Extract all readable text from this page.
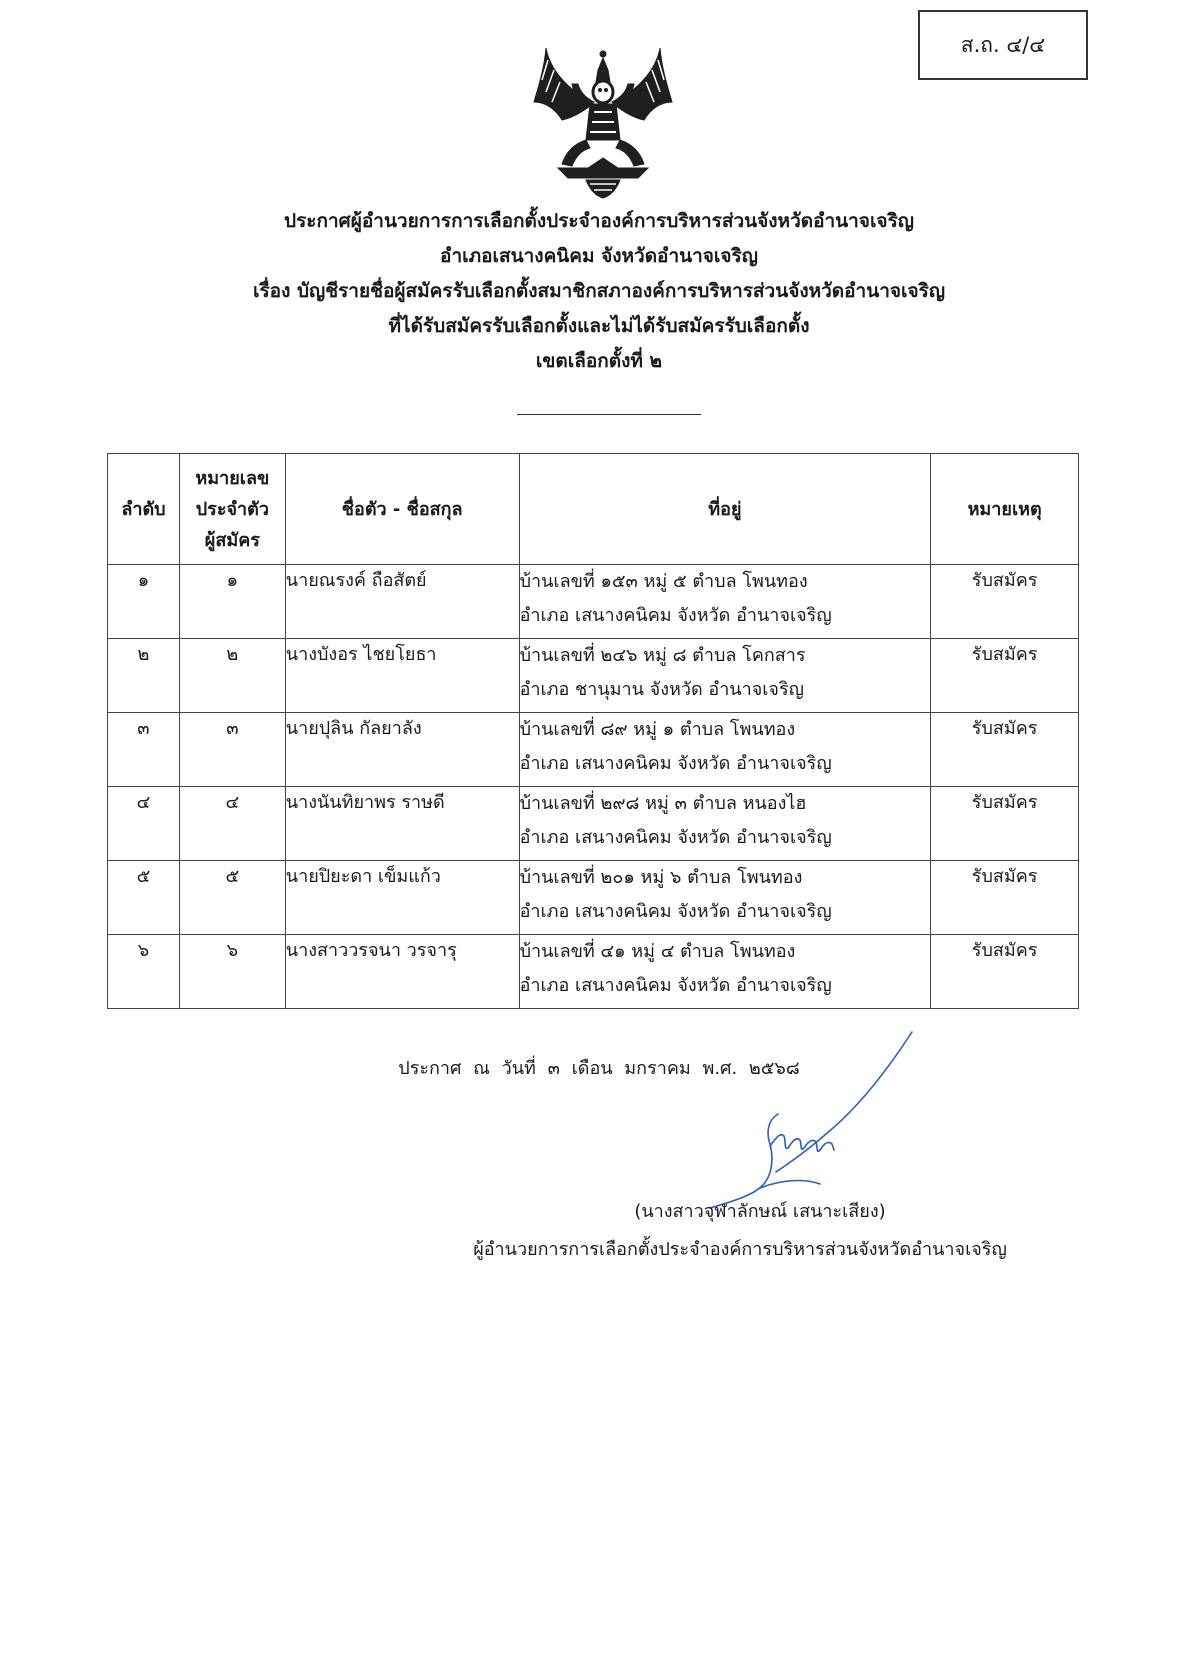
ส.ถ. ๔/๔
ประกาศผู้อำนวยการการเลือกตั้งประจำองค์การบริหารส่วนจังหวัดอำนาจเจริญ
อำเภอเสนางคนิคม จังหวัดอำนาจเจริญ
เรื่อง บัญชีรายชื่อผู้สมัครรับเลือกตั้งสมาชิกสภาองค์การบริหารส่วนจังหวัดอำนาจเจริญ
ที่ได้รับสมัครรับเลือกตั้งและไม่ได้รับสมัครรับเลือกตั้ง
เขตเลือกตั้งที่ ๒
ลำดับ	หมายเลข
ประจำตัว
ผู้สมัคร	ชื่อตัว - ชื่อสกุล	ที่อยู่	หมายเหตุ
๑	๑	นายณรงค์ ถือสัตย์	บ้านเลขที่ ๑๕๓ หมู่ ๕ ตำบล โพนทอง
อำเภอ เสนางคนิคม จังหวัด อำนาจเจริญ	รับสมัคร
๒	๒	นางบังอร ไชยโยธา	บ้านเลขที่ ๒๔๖ หมู่ ๘ ตำบล โคกสาร
อำเภอ ชานุมาน จังหวัด อำนาจเจริญ	รับสมัคร
๓	๓	นายปุลิน กัลยาลัง	บ้านเลขที่ ๘๙ หมู่ ๑ ตำบล โพนทอง
อำเภอ เสนางคนิคม จังหวัด อำนาจเจริญ	รับสมัคร
๔	๔	นางนันทิยาพร ราษดี	บ้านเลขที่ ๒๙๘ หมู่ ๓ ตำบล หนองไฮ
อำเภอ เสนางคนิคม จังหวัด อำนาจเจริญ	รับสมัคร
๕	๕	นายปิยะดา เข็มแก้ว	บ้านเลขที่ ๒๐๑ หมู่ ๖ ตำบล โพนทอง
อำเภอ เสนางคนิคม จังหวัด อำนาจเจริญ	รับสมัคร
๖	๖	นางสาววรจนา วรจารุ	บ้านเลขที่ ๔๑ หมู่ ๔ ตำบล โพนทอง
อำเภอ เสนางคนิคม จังหวัด อำนาจเจริญ	รับสมัคร
ประกาศ ณ วันที่ ๓ เดือน มกราคม พ.ศ. ๒๕๖๘
(นางสาวจุฬาลักษณ์ เสนาะเสียง)
ผู้อำนวยการการเลือกตั้งประจำองค์การบริหารส่วนจังหวัดอำนาจเจริญ
